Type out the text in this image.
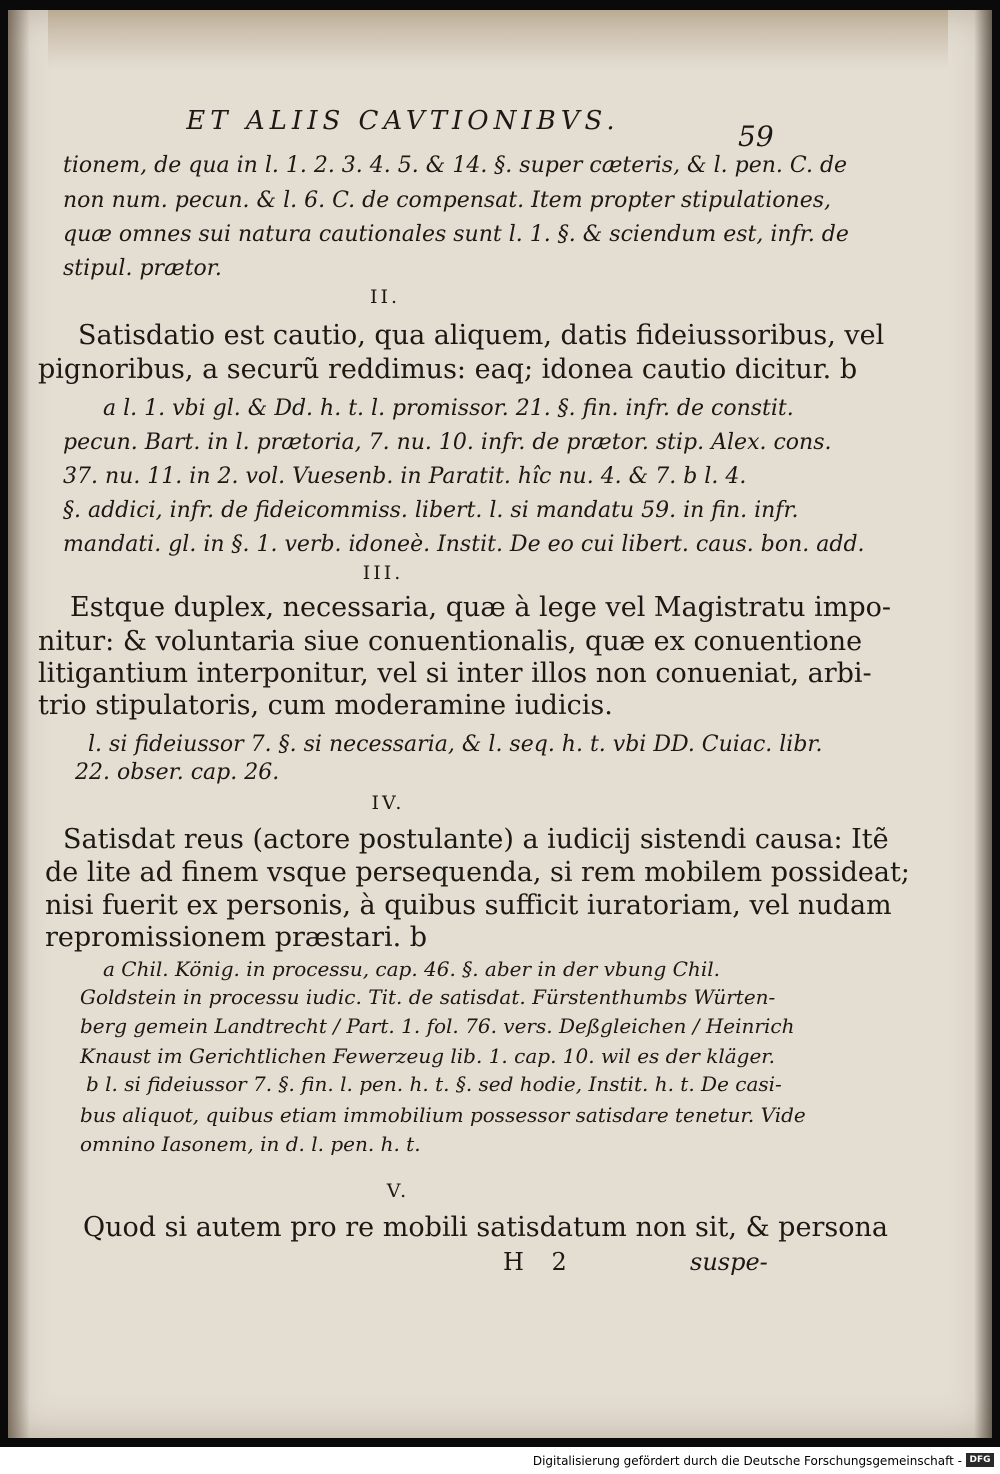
ET ALIIS CAVTIONIBVS.	59

tionem, de qua in l. 1. 2. 3. 4. 5. & 14. §. super cæteris, & l. pen. C. de

non num. pecun. & l. 6. C. de compensat. Item propter stipulationes,

quæ omnes sui natura cautionales sunt l. 1. §. & sciendum est, infr. de

stipul. prætor.

II.

Satisdatio est cautio, qua aliquem, datis fideiussoribus, vel

pignoribus, a securũ reddimus: eaq; idonea cautio dicitur. b

a l. 1. vbi gl. & Dd. h. t. l. promissor. 21. §. fin. infr. de constit.

pecun. Bart. in l. prætoria, 7. nu. 10. infr. de prætor. stip. Alex. cons.

37. nu. 11. in 2. vol. Vuesenb. in Paratit. hîc nu. 4. & 7. b l. 4.

§. addici, infr. de fideicommiss. libert. l. si mandatu 59. in fin. infr.

mandati. gl. in §. 1. verb. idoneè. Instit. De eo cui libert. caus. bon. add.

III.

Estque duplex, necessaria, quæ à lege vel Magistratu impo-

nitur: & voluntaria siue conuentionalis, quæ ex conuentione

litigantium interponitur, vel si inter illos non conueniat, arbi-

trio stipulatoris, cum moderamine iudicis.

l. si fideiussor 7. §. si necessaria, & l. seq. h. t. vbi DD. Cuiac. libr.

22. obser. cap. 26.

IV.

Satisdat reus (actore postulante) a iudicij sistendi causa: Itẽ

de lite ad finem vsque persequenda, si rem mobilem possideat;

nisi fuerit ex personis, à quibus sufficit iuratoriam, vel nudam

repromissionem præstari. b

a Chil. König. in processu, cap. 46. §. aber in der vbung Chil.

Goldstein in processu iudic. Tit. de satisdat. Fürstenthumbs Würten-

berg gemein Landtrecht / Part. 1. fol. 76. vers. Deßgleichen / Heinrich

Knaust im Gerichtlichen Fewerzeug lib. 1. cap. 10. wil es der kläger.

b l. si fideiussor 7. §. fin. l. pen. h. t. §. sed hodie, Instit. h. t. De casi-

bus aliquot, quibus etiam immobilium possessor satisdare tenetur. Vide

omnino Iasonem, in d. l. pen. h. t.

V.

Quod si autem pro re mobili satisdatum non sit, & persona

H 2	suspe-

Digitalisierung gefördert durch die Deutsche Forschungsgemeinschaft - DFG
